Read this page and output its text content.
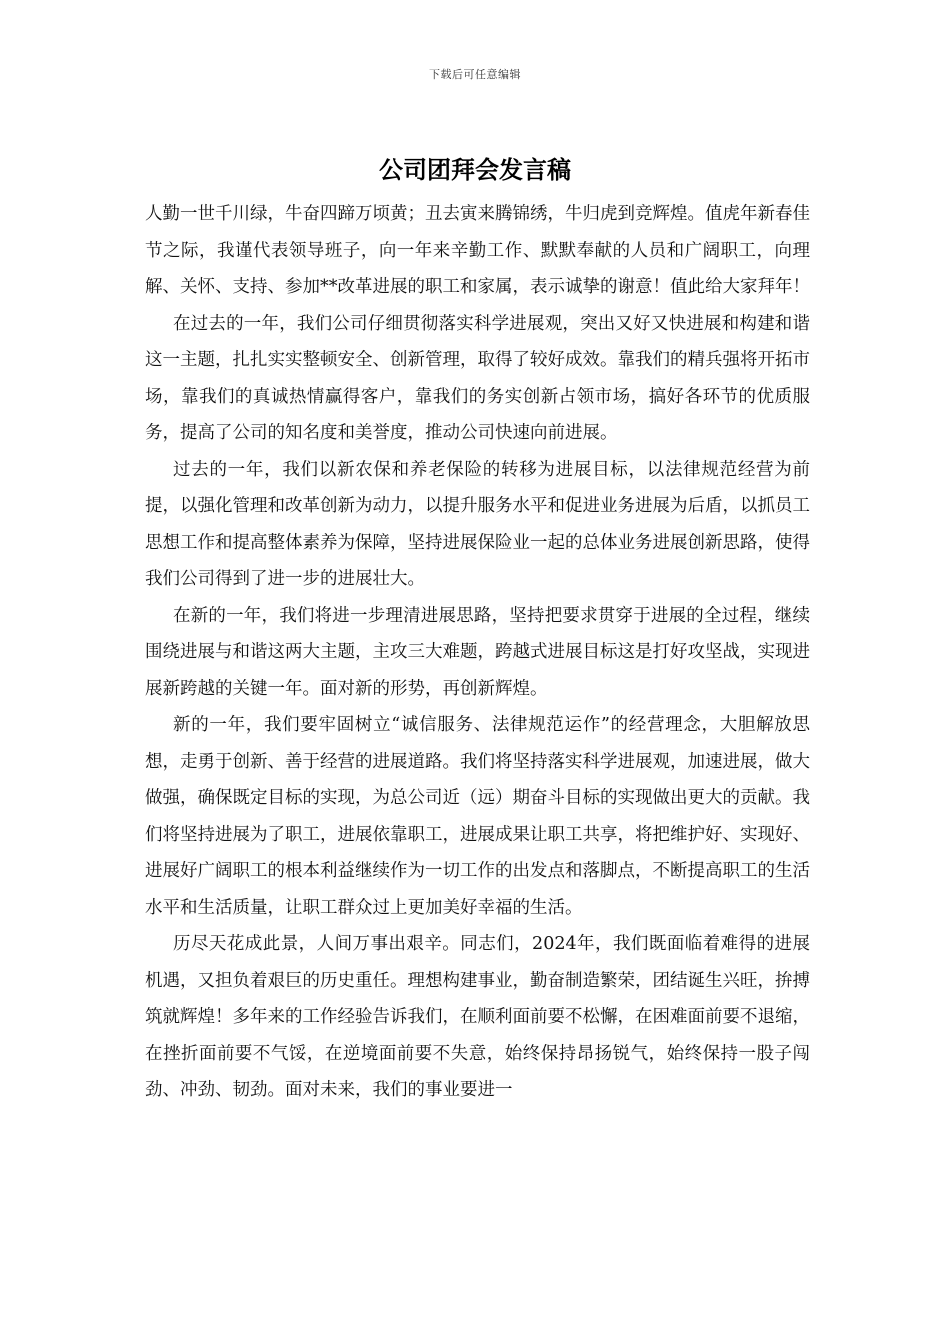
下载后可任意编辑
公司团拜会发言稿

人勤一世千川绿，牛奋四蹄万顷黄；丑去寅来腾锦绣，牛归虎到竞辉煌。值虎年新春佳节之际，我谨代表领导班子，向一年来辛勤工作、默默奉献的人员和广阔职工，向理解、关怀、支持、参加**改革进展的职工和家属，表示诚挚的谢意！值此给大家拜年！

在过去的一年，我们公司仔细贯彻落实科学进展观，突出又好又快进展和构建和谐这一主题，扎扎实实整顿安全、创新管理，取得了较好成效。靠我们的精兵强将开拓市场，靠我们的真诚热情赢得客户，靠我们的务实创新占领市场，搞好各环节的优质服务，提高了公司的知名度和美誉度，推动公司快速向前进展。

过去的一年，我们以新农保和养老保险的转移为进展目标，以法律规范经营为前提，以强化管理和改革创新为动力，以提升服务水平和促进业务进展为后盾，以抓员工思想工作和提高整体素养为保障，坚持进展保险业一起的总体业务进展创新思路，使得我们公司得到了进一步的进展壮大。

在新的一年，我们将进一步理清进展思路，坚持把要求贯穿于进展的全过程，继续围绕进展与和谐这两大主题，主攻三大难题，跨越式进展目标这是打好攻坚战，实现进展新跨越的关键一年。面对新的形势，再创新辉煌。

新的一年，我们要牢固树立“诚信服务、法律规范运作”的经营理念，大胆解放思想，走勇于创新、善于经营的进展道路。我们将坚持落实科学进展观，加速进展，做大做强，确保既定目标的实现，为总公司近（远）期奋斗目标的实现做出更大的贡献。我们将坚持进展为了职工，进展依靠职工，进展成果让职工共享，将把维护好、实现好、进展好广阔职工的根本利益继续作为一切工作的出发点和落脚点，不断提高职工的生活水平和生活质量，让职工群众过上更加美好幸福的生活。

历尽天花成此景，人间万事出艰辛。同志们，2024年，我们既面临着难得的进展机遇，又担负着艰巨的历史重任。理想构建事业，勤奋制造繁荣，团结诞生兴旺，拚搏筑就辉煌！多年来的工作经验告诉我们，在顺利面前要不松懈，在困难面前要不退缩，在挫折面前要不气馁，在逆境面前要不失意，始终保持昂扬锐气，始终保持一股子闯劲、冲劲、韧劲。面对未来，我们的事业要进一
